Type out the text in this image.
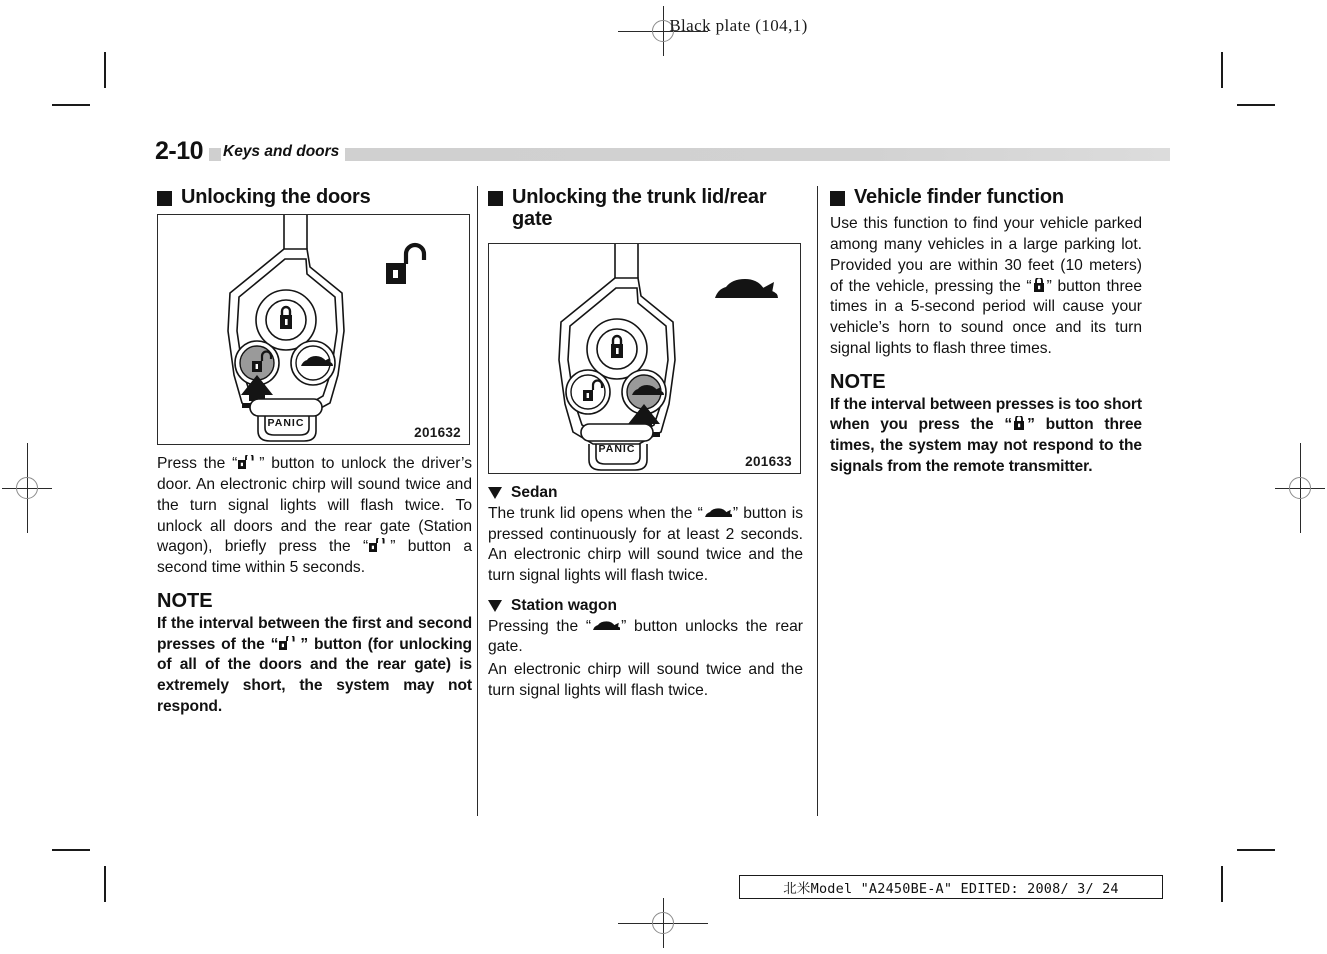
Black plate (104,1)
2-10	Keys and doors
Unlocking the doors
PANIC
201632

Press the “ ” button to unlock the driver’s door. An electronic chirp will sound twice and the turn signal lights will flash twice. To unlock all doors and the rear gate (Station wagon), briefly press the “ ” button a second time within 5 seconds.

NOTE

If the interval between the first and second presses of the “ ” button (for unlocking of all of the doors and the rear gate) is extremely short, the system may not respond.

Unlocking the trunk lid/rear gate
PANIC
201633
Sedan

The trunk lid opens when the “ ” button is pressed continuously for at least 2 seconds. An electronic chirp will sound twice and the turn signal lights will flash twice.

Station wagon

Pressing the “ ” button unlocks the rear gate.

An electronic chirp will sound twice and the turn signal lights will flash twice.

Vehicle finder function

Use this function to find your vehicle parked among many vehicles in a large parking lot. Provided you are within 30 feet (10 meters) of the vehicle, pressing the “ ” button three times in a 5-second period will cause your vehicle’s horn to sound once and its turn signal lights to flash three times.

NOTE

If the interval between presses is too short when you press the “ ” button three times, the system may not respond to the signals from the remote transmitter.

北米Model "A2450BE-A" EDITED: 2008/ 3/ 24
